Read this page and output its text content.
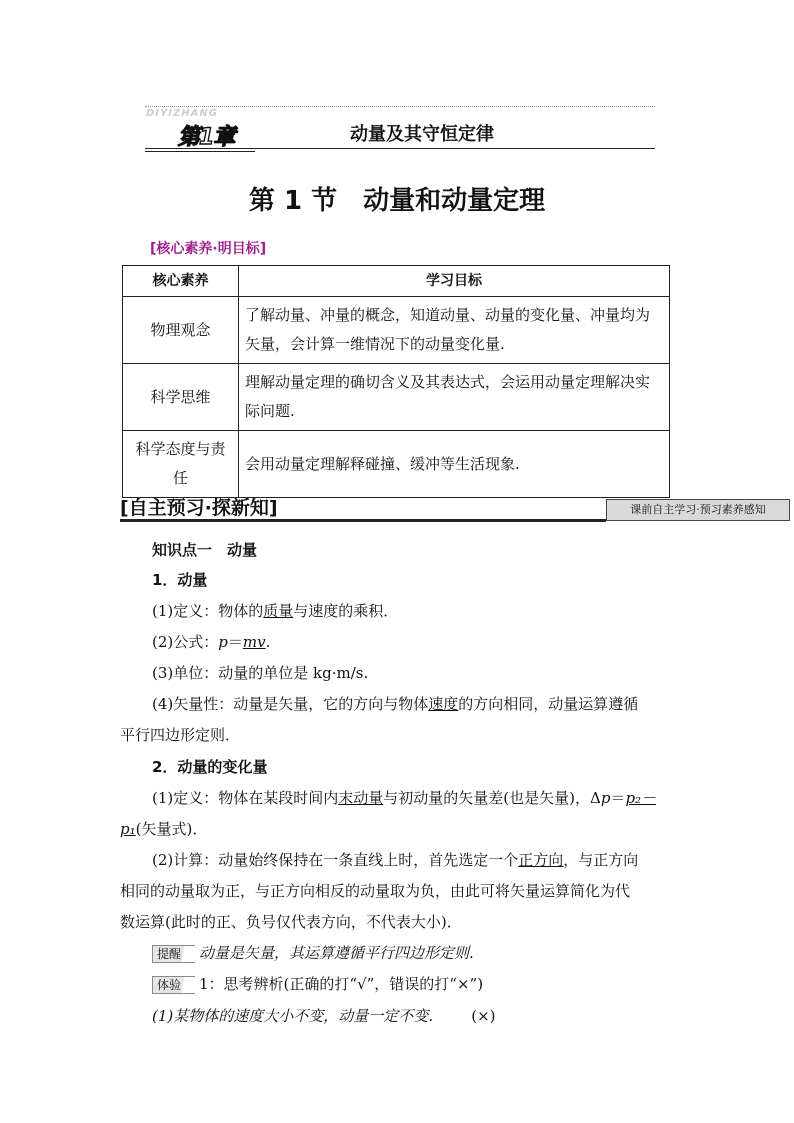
DIYIZHANG
第1章	动量及其守恒定律
第 1 节　动量和动量定理
[核心素养·明目标]
核心素养	学习目标
物理观念	了解动量、冲量的概念，知道动量、动量的变化量、冲量均为矢量，会计算一维情况下的动量变化量.
科学思维	理解动量定理的确切含义及其表达式，会运用动量定理解决实际问题.
科学态度与责任	会用动量定理解释碰撞、缓冲等生活现象.
[自主预习·探新知]	课前自主学习·预习素养感知
知识点一　动量
1．动量
(1)定义：物体的质量与速度的乘积．
(2)公式：p＝mv.
(3)单位：动量的单位是 kg·m/s.
(4)矢量性：动量是矢量，它的方向与物体速度的方向相同，动量运算遵循
平行四边形定则．
2．动量的变化量
(1)定义：物体在某段时间内末动量与初动量的矢量差(也是矢量)，Δp＝p₂－
p₁(矢量式)．
(2)计算：动量始终保持在一条直线上时，首先选定一个正方向，与正方向
相同的动量取为正，与正方向相反的动量取为负，由此可将矢量运算简化为代
数运算(此时的正、负号仅代表方向，不代表大小)．
提醒 动量是矢量，其运算遵循平行四边形定则.
体验 1：思考辨析(正确的打“√”，错误的打“×”)
(1)某物体的速度大小不变，动量一定不变． (×)
